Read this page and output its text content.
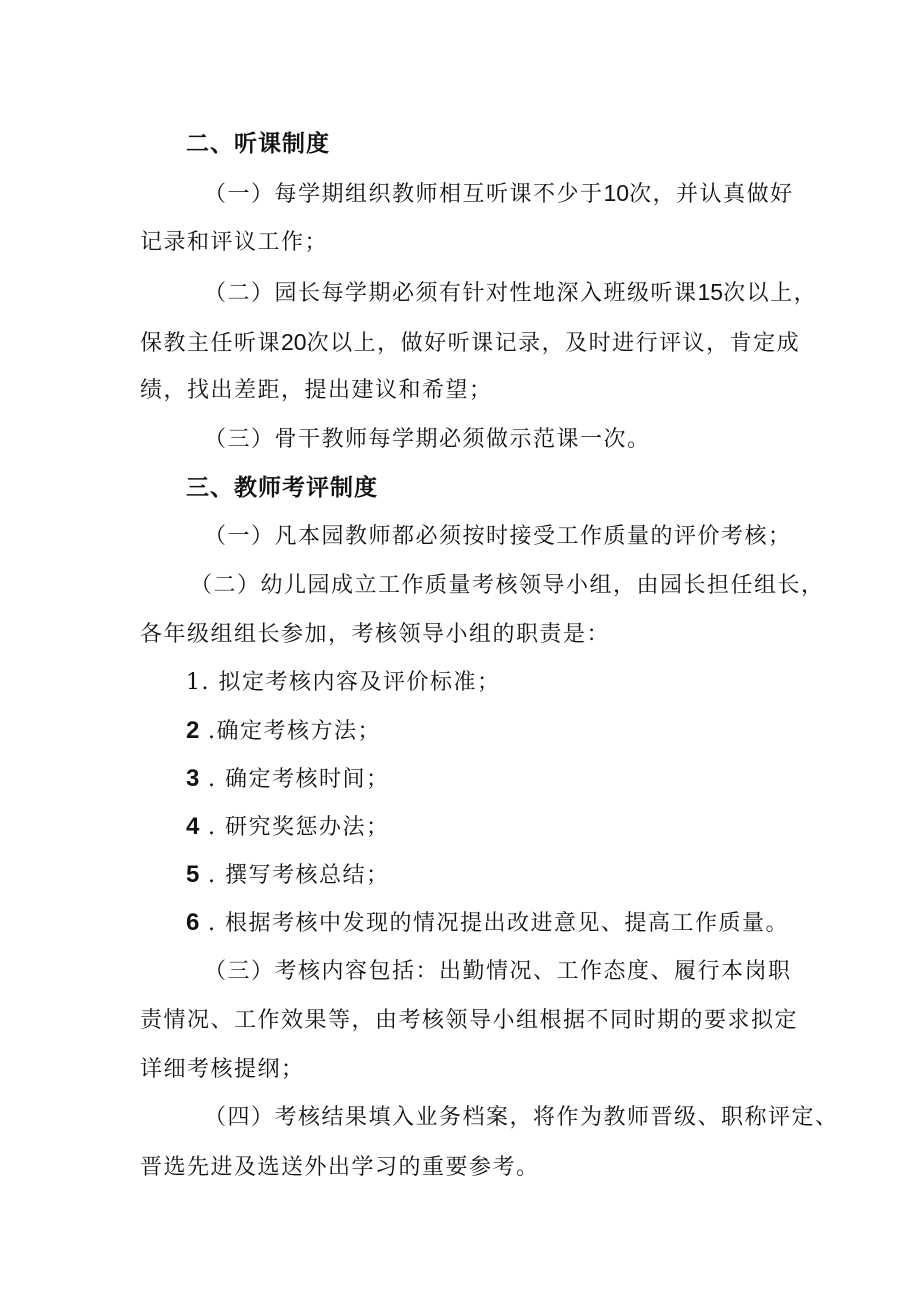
二、听课制度
（一）每学期组织教师相互听课不少于10次，并认真做好
记录和评议工作；
（二）园长每学期必须有针对性地深入班级听课15次以上，
保教主任听课20次以上，做好听课记录，及时进行评议，肯定成
绩，找出差距，提出建议和希望；
（三）骨干教师每学期必须做示范课一次。
三、教师考评制度
（一）凡本园教师都必须按时接受工作质量的评价考核；
（二）幼儿园成立工作质量考核领导小组，由园长担任组长，
各年级组组长参加，考核领导小组的职责是：
1. 拟定考核内容及评价标准；
2 .确定考核方法；
3 . 确定考核时间；
4 . 研究奖惩办法；
5 . 撰写考核总结；
6 . 根据考核中发现的情况提出改进意见、提高工作质量。
（三）考核内容包括：出勤情况、工作态度、履行本岗职
责情况、工作效果等，由考核领导小组根据不同时期的要求拟定
详细考核提纲；
（四）考核结果填入业务档案，将作为教师晋级、职称评定、
晋选先进及选送外出学习的重要参考。
